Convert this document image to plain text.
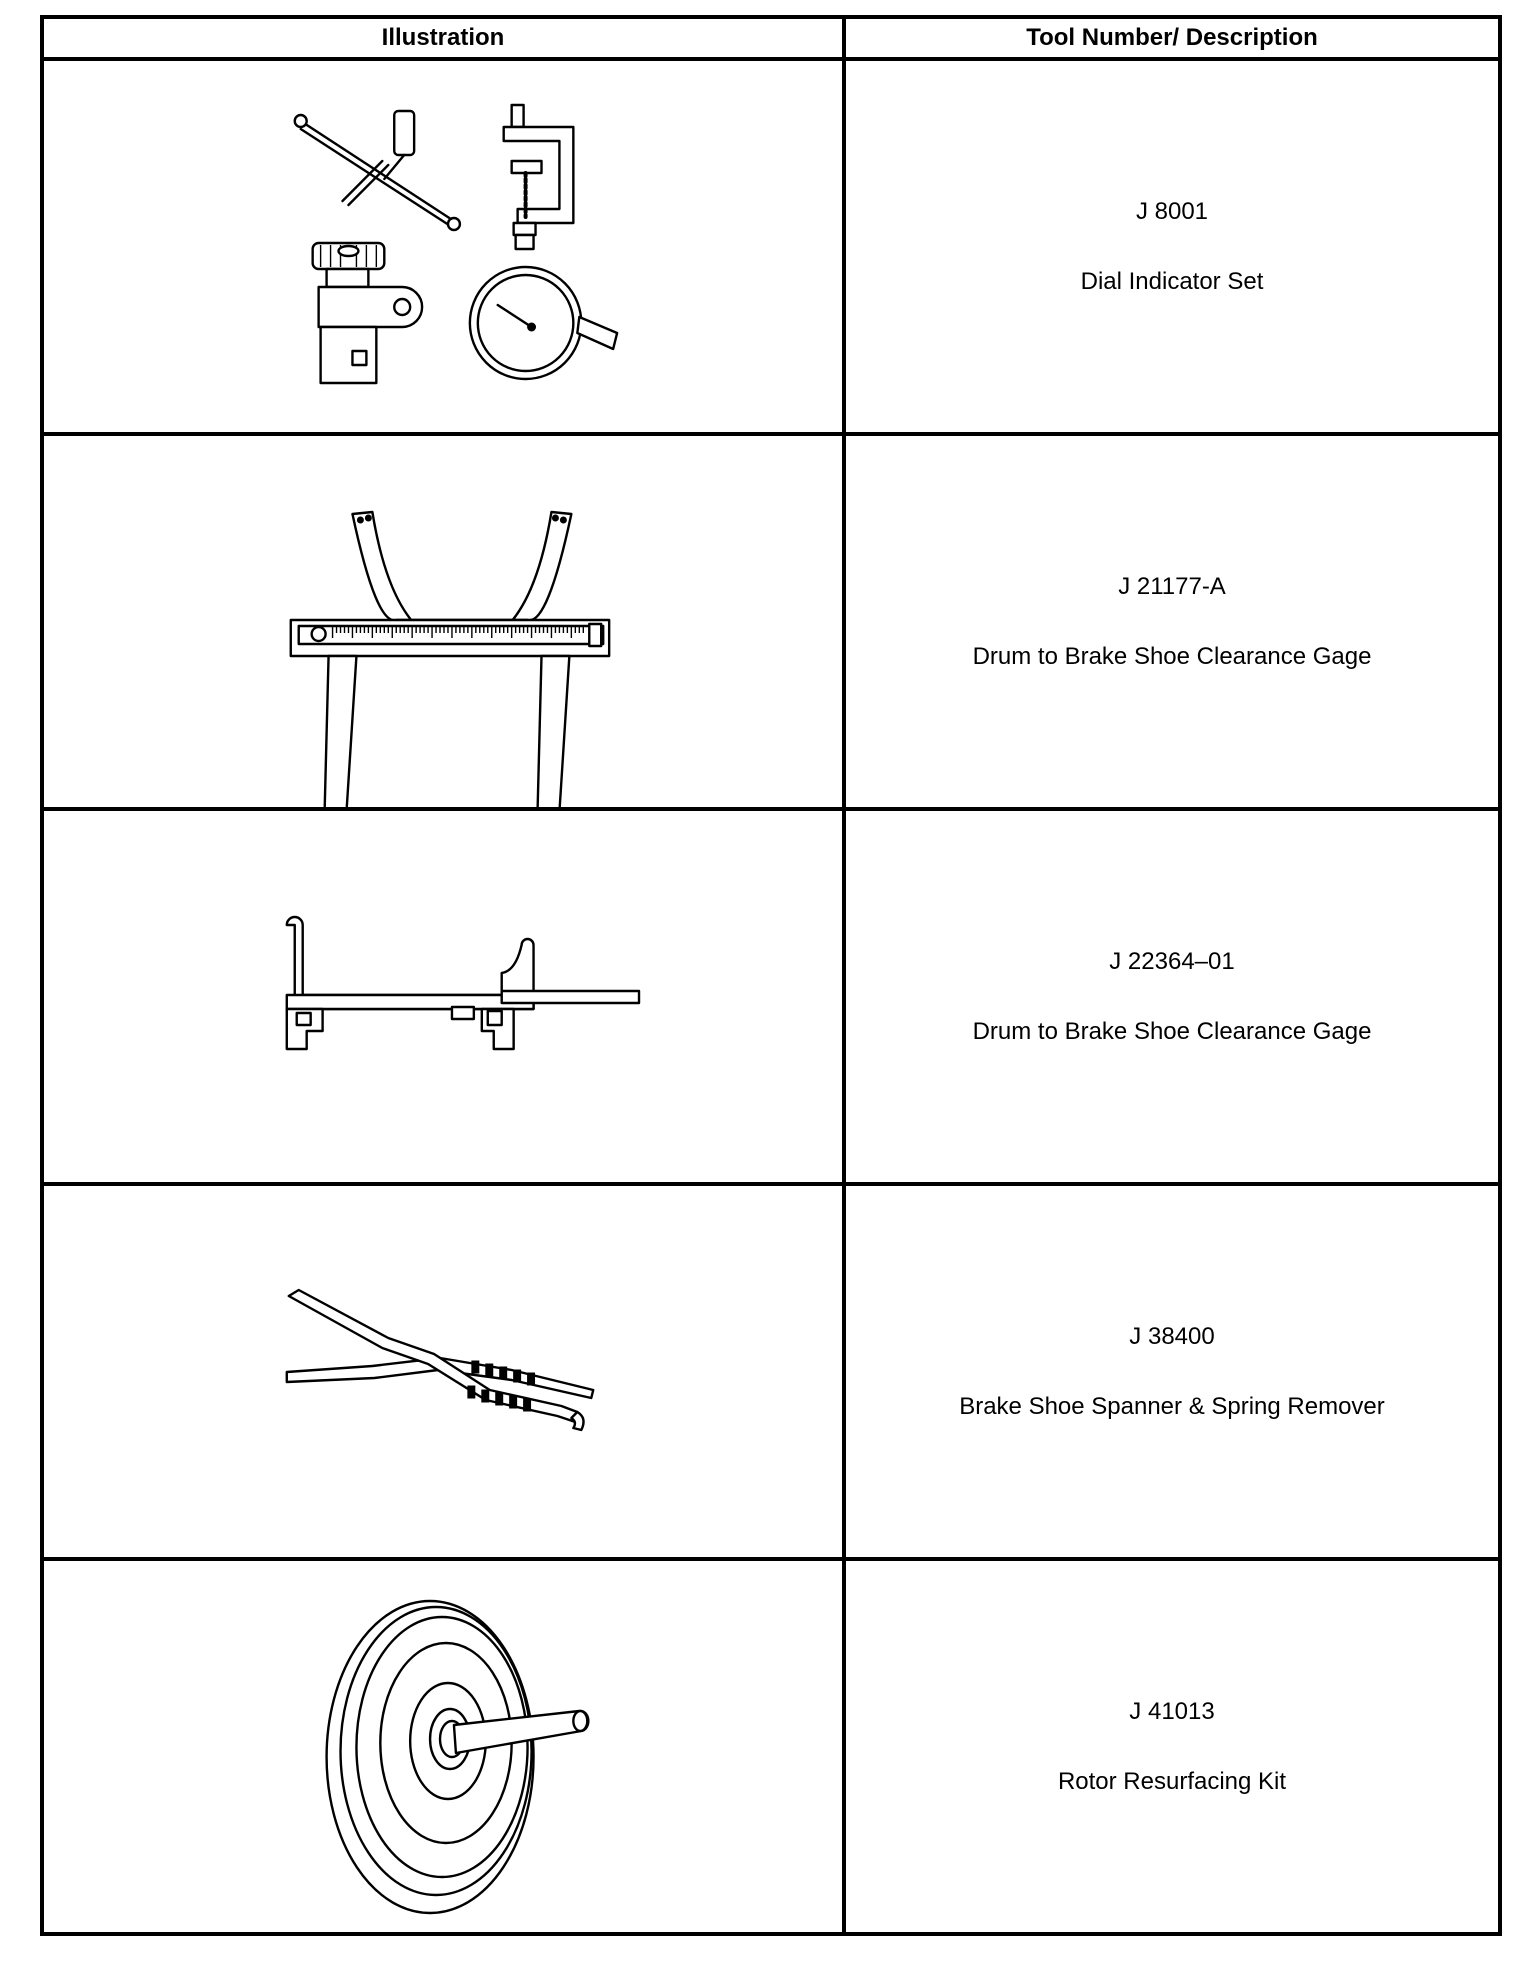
Illustration	Tool Number/ Description

J 8001
Dial Indicator Set

J 21177-A
Drum to Brake Shoe Clearance Gage

J 22364–01
Drum to Brake Shoe Clearance Gage

J 38400
Brake Shoe Spanner & Spring Remover

J 41013
Rotor Resurfacing Kit
